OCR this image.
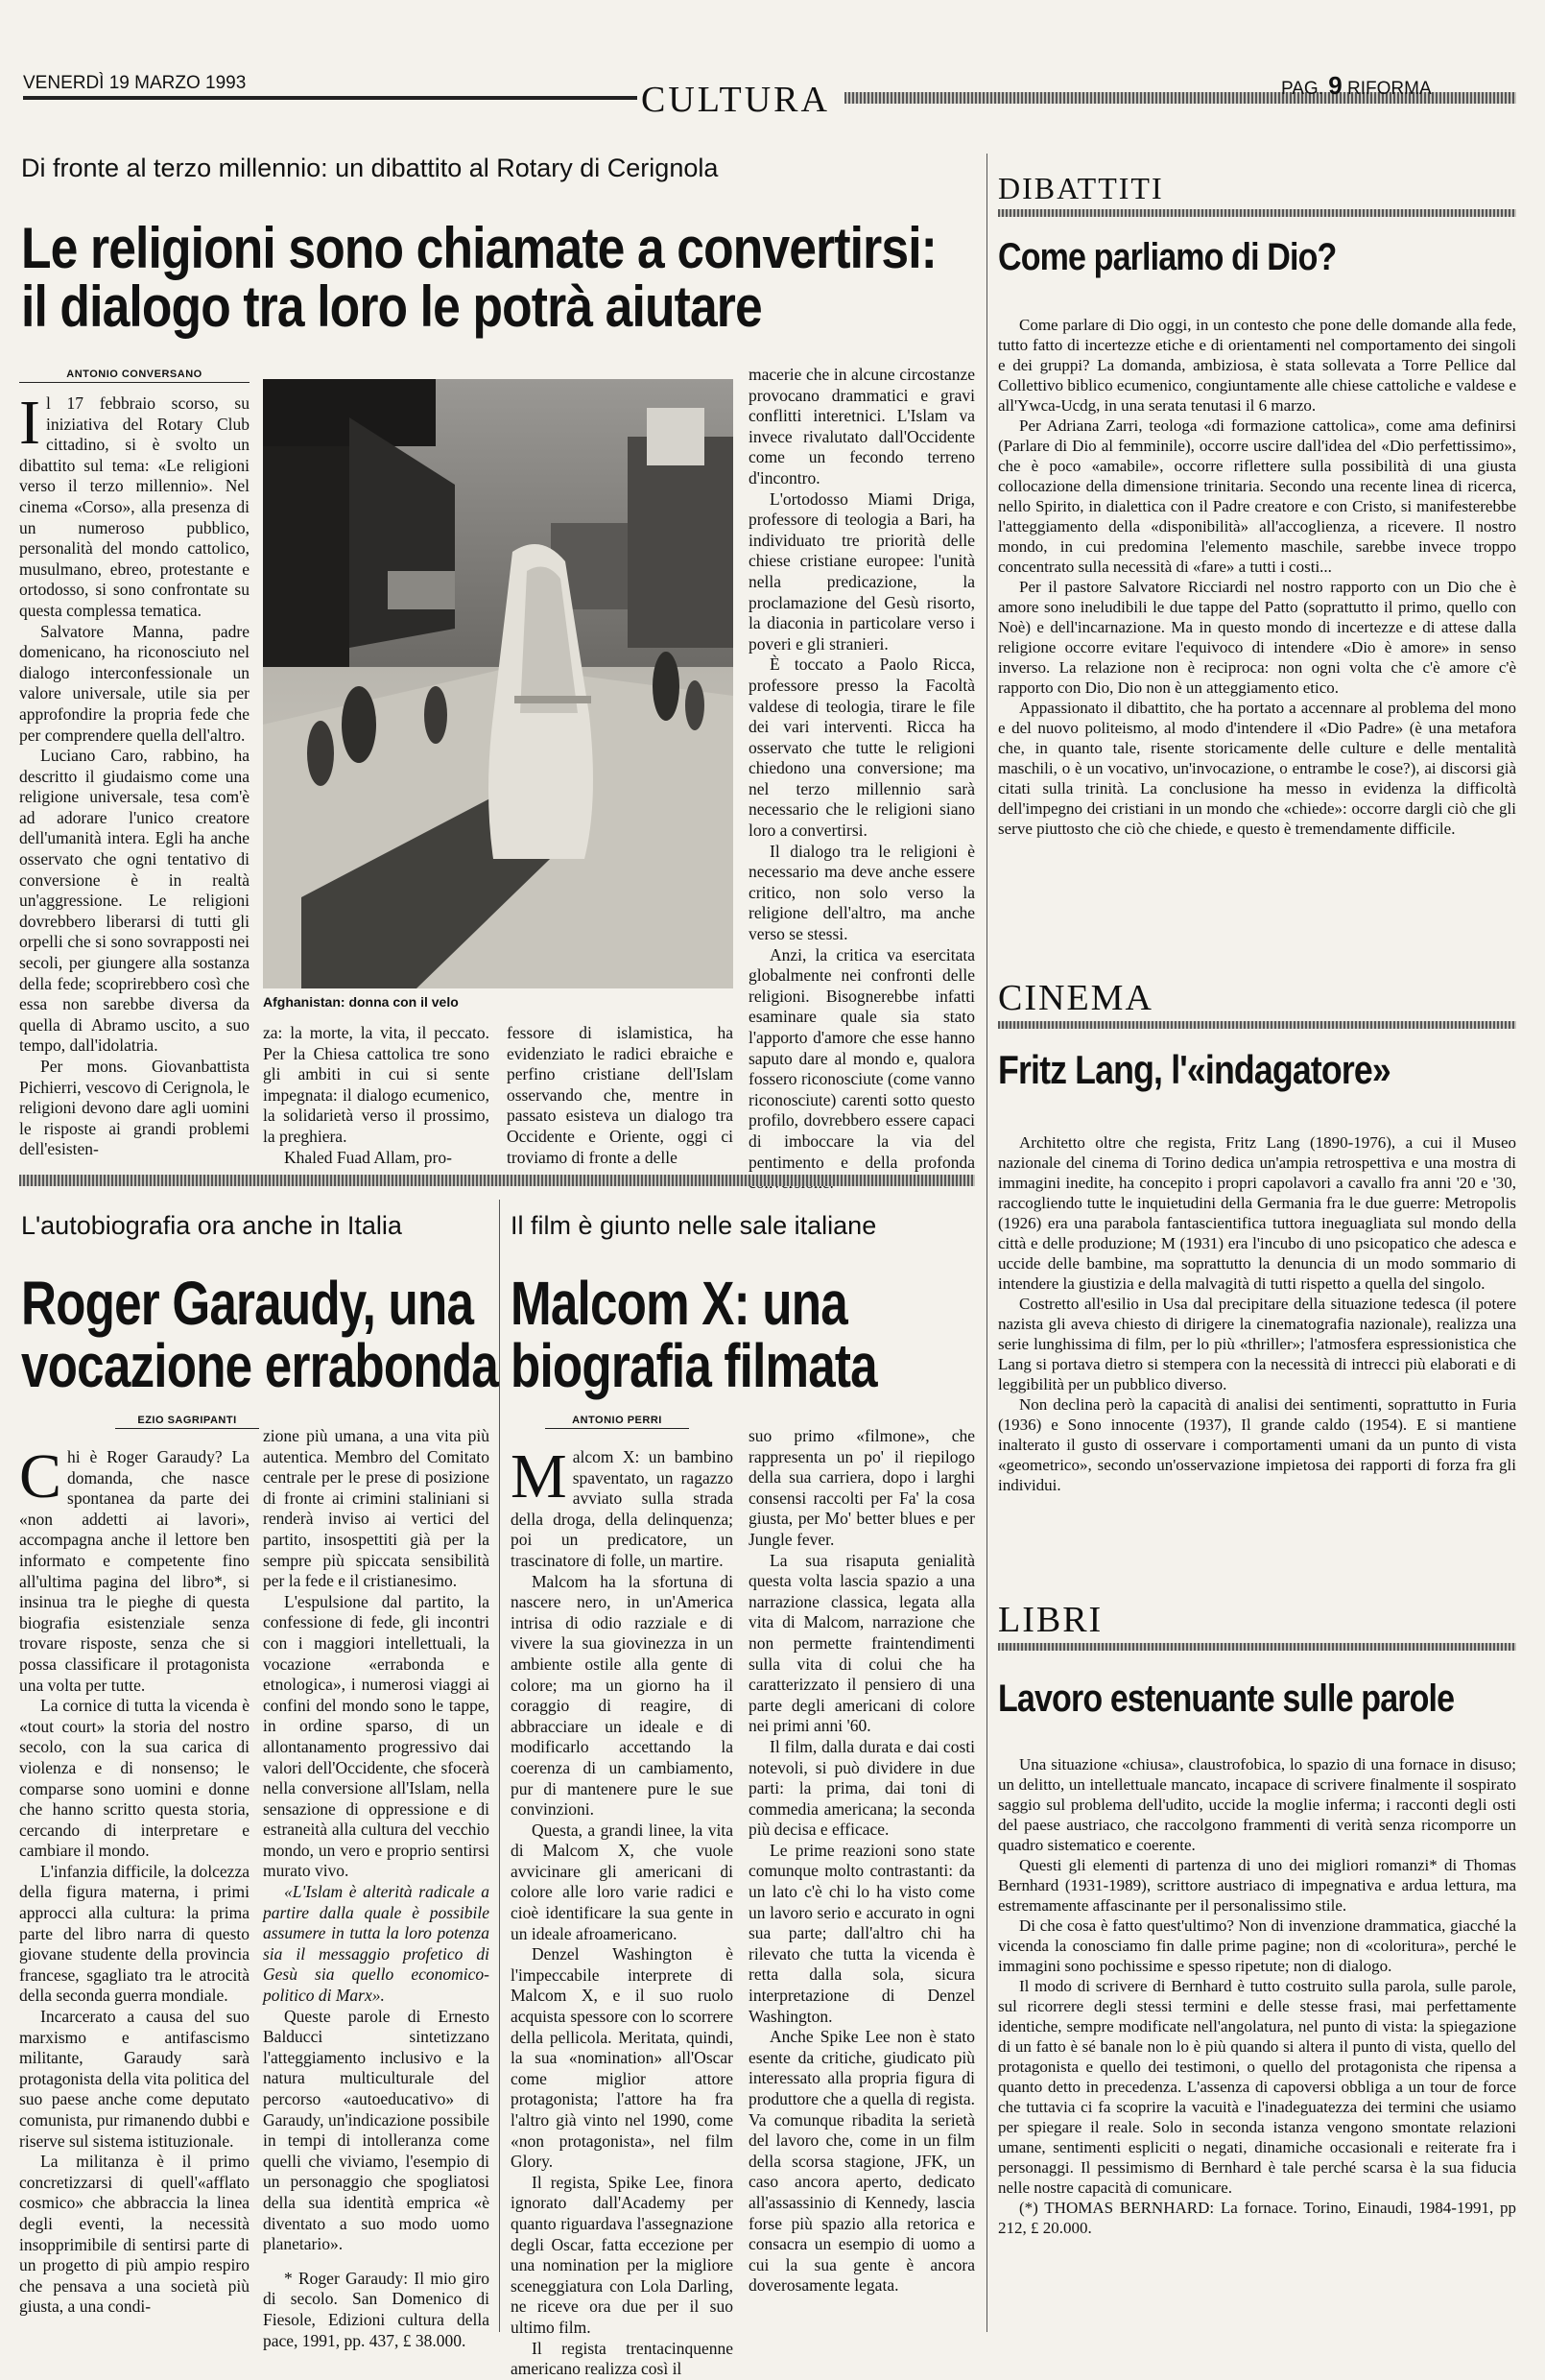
VENERDÌ 19 MARZO 1993	CULTURA	PAG. 9 RIFORMA
Di fronte al terzo millennio: un dibattito al Rotary di Cerignola
Le religioni sono chiamate a convertirsi:
il dialogo tra loro le potrà aiutare
ANTONIO CONVERSANO
I l 17 febbraio scorso, su iniziativa del Rotary Club cittadino, si è svolto un dibattito sul tema: «Le religioni verso il terzo millennio». Nel cinema «Corso», alla presenza di un numeroso pubblico, personalità del mondo cattolico, musulmano, ebreo, protestante e ortodosso, si sono confrontate su questa complessa tematica.

Salvatore Manna, padre domenicano, ha riconosciuto nel dialogo interconfessionale un valore universale, utile sia per approfondire la propria fede che per comprendere quella dell'altro.

Luciano Caro, rabbino, ha descritto il giudaismo come una religione universale, tesa com'è ad adorare l'unico creatore dell'umanità intera. Egli ha anche osservato che ogni tentativo di conversione è in realtà un'aggressione. Le religioni dovrebbero liberarsi di tutti gli orpelli che si sono sovrapposti nei secoli, per giungere alla sostanza della fede; scoprirebbero così che essa non sarebbe diversa da quella di Abramo uscito, a suo tempo, dall'idolatria.

Per mons. Giovanbattista Pichierri, vescovo di Cerignola, le religioni devono dare agli uomini le risposte ai grandi problemi dell'esisten-

Afghanistan: donna con il velo

za: la morte, la vita, il peccato. Per la Chiesa cattolica tre sono gli ambiti in cui si sente impegnata: il dialogo ecumenico, la solidarietà verso il prossimo, la preghiera.

Khaled Fuad Allam, pro-

fessore di islamistica, ha evidenziato le radici ebraiche e perfino cristiane dell'Islam osservando che, mentre in passato esisteva un dialogo tra Occidente e Oriente, oggi ci troviamo di fronte a delle

macerie che in alcune circostanze provocano drammatici e gravi conflitti interetnici. L'Islam va invece rivalutato dall'Occidente come un fecondo terreno d'incontro.

L'ortodosso Miami Driga, professore di teologia a Bari, ha individuato tre priorità delle chiese cristiane europee: l'unità nella predicazione, la proclamazione del Gesù risorto, la diaconia in particolare verso i poveri e gli stranieri.

È toccato a Paolo Ricca, professore presso la Facoltà valdese di teologia, tirare le file dei vari interventi. Ricca ha osservato che tutte le religioni chiedono una conversione; ma nel terzo millennio sarà necessario che le religioni siano loro a convertirsi.

Il dialogo tra le religioni è necessario ma deve anche essere critico, non solo verso la religione dell'altro, ma anche verso se stessi.

Anzi, la critica va esercitata globalmente nei confronti delle religioni. Bisognerebbe infatti esaminare quale sia stato l'apporto d'amore che esse hanno saputo dare al mondo e, qualora fossero riconosciute (come vanno riconosciute) carenti sotto questo profilo, dovrebbero essere capaci di imboccare la via del pentimento e della profonda

L'autobiografia ora anche in Italia
Roger Garaudy, una
vocazione errabonda
EZIO SAGRIPANTI
C hi è Roger Garaudy? La domanda, che nasce spontanea da parte dei «non addetti ai lavori», accompagna anche il lettore ben informato e competente fino all'ultima pagina del libro*, si insinua tra le pieghe di questa biografia esistenziale senza trovare risposte, senza che si possa classificare il protagonista una volta per tutte.

La cornice di tutta la vicenda è «tout court» la storia del nostro secolo, con la sua carica di violenza e di nonsenso; le comparse sono uomini e donne che hanno scritto questa storia, cercando di interpretare e cambiare il mondo.

L'infanzia difficile, la dolcezza della figura materna, i primi approcci alla cultura: la prima parte del libro narra di questo giovane studente della provincia francese, sgagliato tra le atrocità della seconda guerra mondiale.

Incarcerato a causa del suo marxismo e antifascismo militante, Garaudy sarà protagonista della vita politica del suo paese anche come deputato comunista, pur rimanendo dubbi e riserve sul sistema istituzionale.

La militanza è il primo concretizzarsi di quell'«afflato cosmico» che abbraccia la linea degli eventi, la necessità insopprimibile di sentirsi parte di un progetto di più ampio respiro che pensava a una società più giusta, a una condi-

zione più umana, a una vita più autentica. Membro del Comitato centrale per le prese di posizione di fronte ai crimini staliniani si renderà inviso ai vertici del partito, insospettiti già per la sempre più spiccata sensibilità per la fede e il cristianesimo.

L'espulsione dal partito, la confessione di fede, gli incontri con i maggiori intellettuali, la vocazione «errabonda e etnologica», i numerosi viaggi ai confini del mondo sono le tappe, in ordine sparso, di un allontanamento progressivo dai valori dell'Occidente, che sfocerà nella conversione all'Islam, nella sensazione di oppressione e di estraneità alla cultura del vecchio mondo, un vero e proprio sentirsi murato vivo.

«L'Islam è alterità radicale a partire dalla quale è possibile assumere in tutta la loro potenza sia il messaggio profetico di Gesù sia quello economico-politico di Marx».

Queste parole di Ernesto Balducci sintetizzano l'atteggiamento inclusivo e la natura multiculturale del percorso «autoeducativo» di Garaudy, un'indicazione possibile in tempi di intolleranza come quelli che viviamo, l'esempio di un personaggio che spogliatosi della sua identità emprica «è diventato a suo modo uomo planetario».

* Roger Garaudy: Il mio giro di secolo. San Domenico di Fiesole, Edizioni cultura della pace, 1991, pp. 437, £ 38.000.

Il film è giunto nelle sale italiane
Malcom X: una
biografia filmata
ANTONIO PERRI
M alcom X: un bambino spaventato, un ragazzo avviato sulla strada della droga, della delinquenza; poi un predicatore, un trascinatore di folle, un martire.

Malcom ha la sfortuna di nascere nero, in un'America intrisa di odio razziale e di vivere la sua giovinezza in un ambiente ostile alla gente di colore; ma un giorno ha il coraggio di reagire, di abbracciare un ideale e di modificarlo accettando la coerenza di un cambiamento, pur di mantenere pure le sue convinzioni.

Questa, a grandi linee, la vita di Malcom X, che vuole avvicinare gli americani di colore alle loro varie radici e cioè identificare la sua gente in un ideale afroamericano.

Denzel Washington è l'impeccabile interprete di Malcom X, e il suo ruolo acquista spessore con lo scorrere della pellicola. Meritata, quindi, la sua «nomination» all'Oscar come miglior attore protagonista; l'attore ha fra l'altro già vinto nel 1990, come «non protagonista», nel film Glory.

Il regista, Spike Lee, finora ignorato dall'Academy per quanto riguardava l'assegnazione degli Oscar, fatta eccezione per una nomination per la migliore sceneggiatura con Lola Darling, ne riceve ora due per il suo ultimo film.

Il regista trentacinquenne americano realizza così il

suo primo «filmone», che rappresenta un po' il riepilogo della sua carriera, dopo i larghi consensi raccolti per Fa' la cosa giusta, per Mo' better blues e per Jungle fever.

La sua risaputa genialità questa volta lascia spazio a una narrazione classica, legata alla vita di Malcom, narrazione che non permette fraintendimenti sulla vita di colui che ha caratterizzato il pensiero di una parte degli americani di colore nei primi anni '60.

Il film, dalla durata e dai costi notevoli, si può dividere in due parti: la prima, dai toni di commedia americana; la seconda più decisa e efficace.

Le prime reazioni sono state comunque molto contrastanti: da un lato c'è chi lo ha visto come un lavoro serio e accurato in ogni sua parte; dall'altro chi ha rilevato che tutta la vicenda è retta dalla sola, sicura interpretazione di Denzel Washington.

Anche Spike Lee non è stato esente da critiche, giudicato più interessato alla propria figura di produttore che a quella di regista. Va comunque ribadita la serietà del lavoro che, come in un film della scorsa stagione, JFK, un caso ancora aperto, dedicato all'assassinio di Kennedy, lascia forse più spazio alla retorica e consacra un esempio di uomo a cui la sua gente è ancora doverosamente legata.

DIBATTITI
Come parliamo di Dio?

Come parlare di Dio oggi, in un contesto che pone delle domande alla fede, tutto fatto di incertezze etiche e di orientamenti nel comportamento dei singoli e dei gruppi? La domanda, ambiziosa, è stata sollevata a Torre Pellice dal Collettivo biblico ecumenico, congiuntamente alle chiese cattoliche e valdese e all'Ywca-Ucdg, in una serata tenutasi il 6 marzo.

Per Adriana Zarri, teologa «di formazione cattolica», come ama definirsi (Parlare di Dio al femminile), occorre uscire dall'idea del «Dio perfettissimo», che è poco «amabile», occorre riflettere sulla possibilità di una giusta collocazione della dimensione trinitaria. Secondo una recente linea di ricerca, nello Spirito, in dialettica con il Padre creatore e con Cristo, si manifesterebbe l'atteggiamento della «disponibilità» all'accoglienza, a ricevere. Il nostro mondo, in cui predomina l'elemento maschile, sarebbe invece troppo concentrato sulla necessità di «fare» a tutti i costi...

Per il pastore Salvatore Ricciardi nel nostro rapporto con un Dio che è amore sono ineludibili le due tappe del Patto (soprattutto il primo, quello con Noè) e dell'incarnazione. Ma in questo mondo di incertezze e di attese dalla religione occorre evitare l'equivoco di intendere «Dio è amore» in senso inverso. La relazione non è reciproca: non ogni volta che c'è amore c'è rapporto con Dio, Dio non è un atteggiamento etico.

Appassionato il dibattito, che ha portato a accennare al problema del mono e del nuovo politeismo, al modo d'intendere il «Dio Padre» (è una metafora che, in quanto tale, risente storicamente delle culture e delle mentalità maschili, o è un vocativo, un'invocazione, o entrambe le cose?), ai discorsi già citati sulla trinità. La conclusione ha messo in evidenza la difficoltà dell'impegno dei cristiani in un mondo che «chiede»: occorre dargli ciò che gli serve piuttosto che ciò che chiede, e questo è tremendamente difficile.

CINEMA
Fritz Lang, l'«indagatore»

Architetto oltre che regista, Fritz Lang (1890-1976), a cui il Museo nazionale del cinema di Torino dedica un'ampia retrospettiva e una mostra di immagini inedite, ha concepito i propri capolavori a cavallo fra anni '20 e '30, raccogliendo tutte le inquietudini della Germania fra le due guerre: Metropolis (1926) era una parabola fantascientifica tuttora ineguagliata sul mondo della città e delle produzione; M (1931) era l'incubo di uno psicopatico che adesca e uccide delle bambine, ma soprattutto la denuncia di un modo sommario di intendere la giustizia e della malvagità di tutti rispetto a quella del singolo.

Costretto all'esilio in Usa dal precipitare della situazione tedesca (il potere nazista gli aveva chiesto di dirigere la cinematografia nazionale), realizza una serie lunghissima di film, per lo più «thriller»; l'atmosfera espressionistica che Lang si portava dietro si stempera con la necessità di intrecci più elaborati e di leggibilità per un pubblico diverso.

Non declina però la capacità di analisi dei sentimenti, soprattutto in Furia (1936) e Sono innocente (1937), Il grande caldo (1954). E si mantiene inalterato il gusto di osservare i comportamenti umani da un punto di vista «geometrico», secondo un'osservazione impietosa dei rapporti di forza fra gli individui.

LIBRI
Lavoro estenuante sulle parole

Una situazione «chiusa», claustrofobica, lo spazio di una fornace in disuso; un delitto, un intellettuale mancato, incapace di scrivere finalmente il sospirato saggio sul problema dell'udito, uccide la moglie inferma; i racconti degli osti del paese austriaco, che raccolgono frammenti di verità senza ricomporre un quadro sistematico e coerente.

Questi gli elementi di partenza di uno dei migliori romanzi* di Thomas Bernhard (1931-1989), scrittore austriaco di impegnativa e ardua lettura, ma estremamente affascinante per il personalissimo stile.

Di che cosa è fatto quest'ultimo? Non di invenzione drammatica, giacché la vicenda la conosciamo fin dalle prime pagine; non di «coloritura», perché le immagini sono pochissime e spesso ripetute; non di dialogo.

Il modo di scrivere di Bernhard è tutto costruito sulla parola, sulle parole, sul ricorrere degli stessi termini e delle stesse frasi, mai perfettamente identiche, sempre modificate nell'angolatura, nel punto di vista: la spiegazione di un fatto è sé banale non lo è più quando si altera il punto di vista, quello del protagonista e quello dei testimoni, o quello del protagonista che ripensa a quanto detto in precedenza. L'assenza di capoversi obbliga a un tour de force che tuttavia ci fa scoprire la vacuità e l'inadeguatezza dei termini che usiamo per spiegare il reale. Solo in seconda istanza vengono smontate relazioni umane, sentimenti espliciti o negati, dinamiche occasionali e reiterate fra i personaggi. Il pessimismo di Bernhard è tale perché scarsa è la sua fiducia nelle nostre capacità di comunicare.

(*) THOMAS BERNHARD: La fornace. Torino, Einaudi, 1984-1991, pp 212, £ 20.000.
